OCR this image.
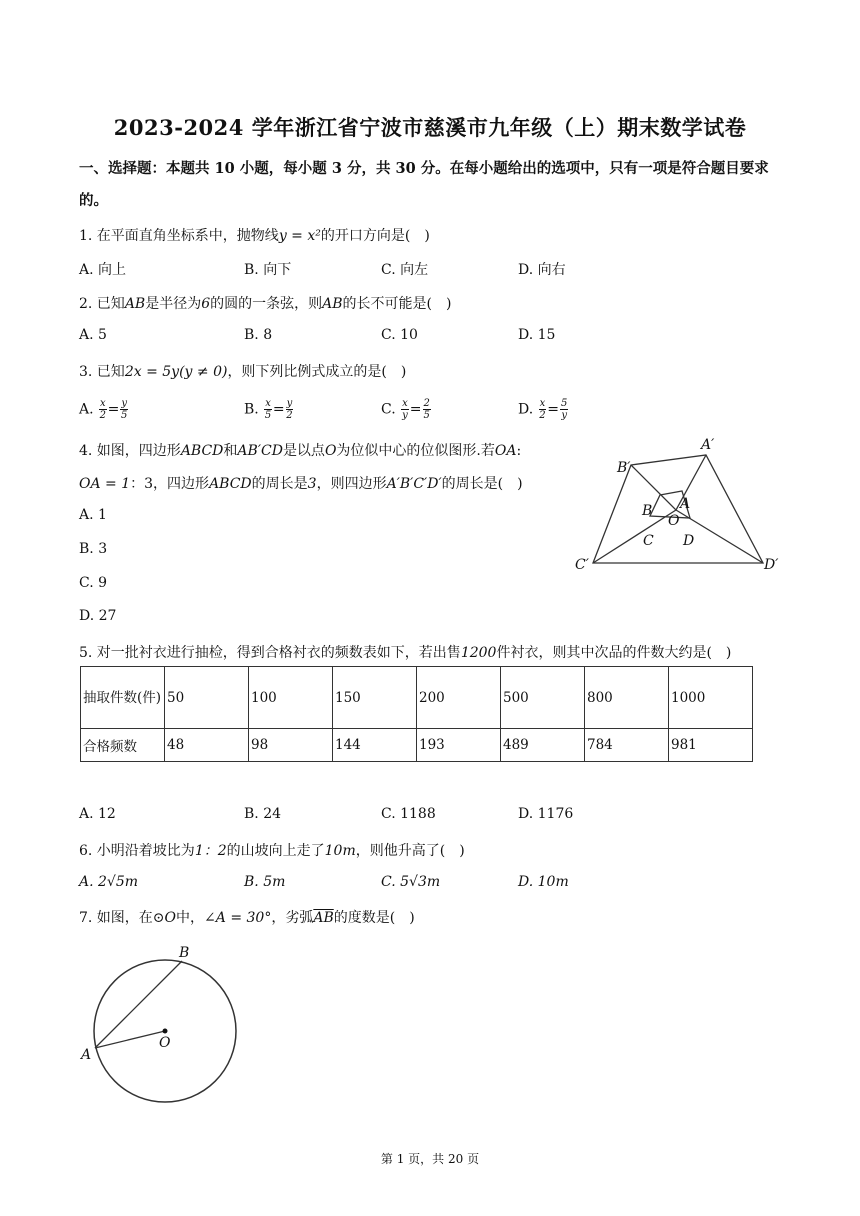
2023-2024 学年浙江省宁波市慈溪市九年级（上）期末数学试卷
一、选择题：本题共 10 小题，每小题 3 分，共 30 分。在每小题给出的选项中，只有一项是符合题目要求
的。
1. 在平面直角坐标系中，抛物线y = x²的开口方向是(　)
A. 向上	B. 向下	C. 向左	D. 向右
2. 已知AB是半径为6的圆的一条弦，则AB的长不可能是(　)
A. 5	B. 8	C. 10	D. 15
3. 已知2x = 5y(y ≠ 0)，则下列比例式成立的是(　)
A. $\frac{x}{2} = \frac{y}{5}$	B. $\frac{x}{5} = \frac{y}{2}$	C. $\frac{x}{y} = \frac{2}{5}$	D. $\frac{x}{2} = \frac{5}{y}$
4. 如图，四边形ABCD和AB′CD是以点O为位似中心的位似图形.若OA:
OA = 1：3，四边形ABCD的周长是3，则四边形A′B′C′D′的周长是(　)
A. 1
B. 3
C. 9
D. 27
A′
B′
C′	D′
A
B
C D
O
5. 对一批衬衣进行抽检，得到合格衬衣的频数表如下，若出售1200件衬衣，则其中次品的件数大约是(　)
抽取件数(件)	50	100	150	200	500	800	1000
合格频数	48	98	144	193	489	784	981
A. 12	B. 24	C. 1188	D. 1176
6. 小明沿着坡比为1：2的山坡向上走了10m，则他升高了(　)
A. 2√5m	B. 5m	C. 5√3m	D. 10m
7. 如图，在⊙O中，∠A = 30°，劣弧$\overline{AB}$的度数是(　)
B
A
O
第 1 页，共 20 页
